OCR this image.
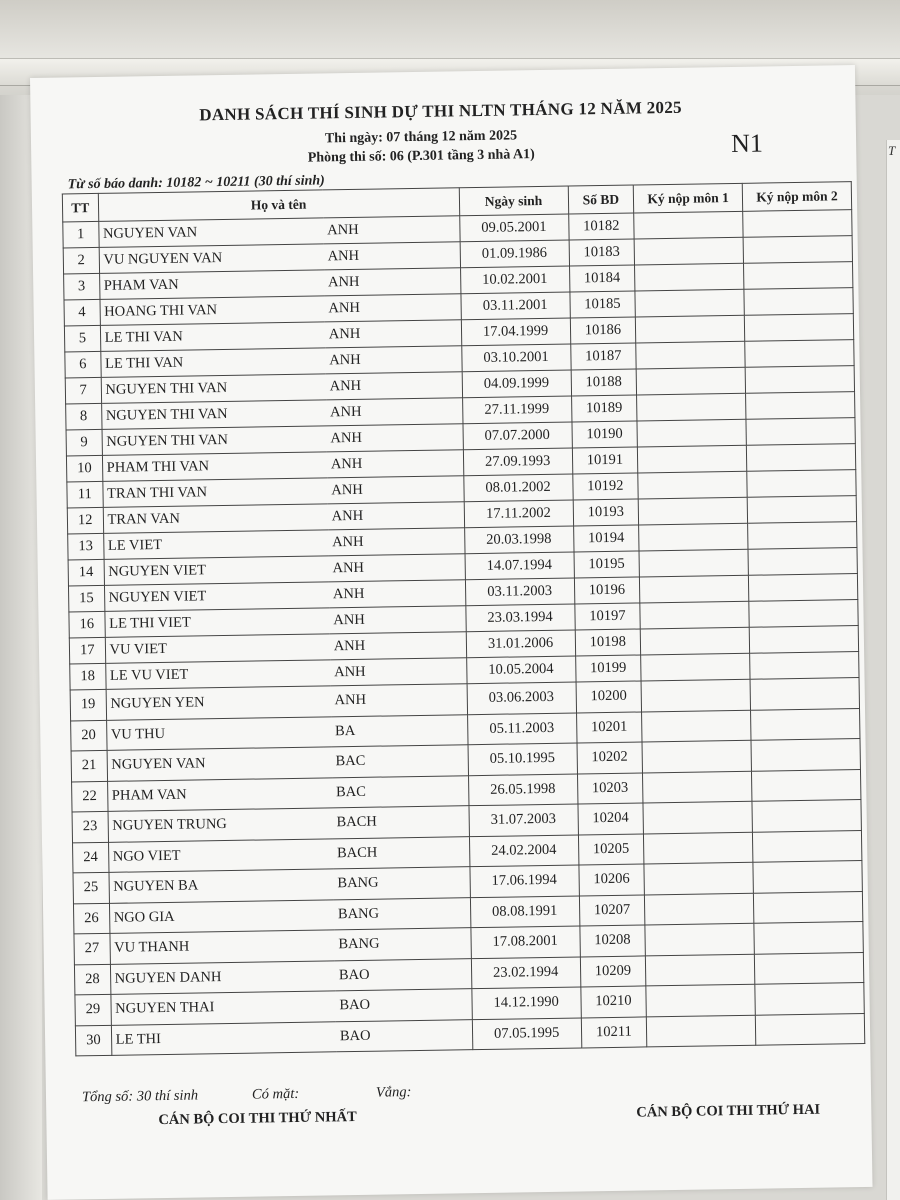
T
DANH SÁCH THÍ SINH DỰ THI NLTN THÁNG 12 NĂM 2025
Thi ngày: 07 tháng 12 năm 2025
Phòng thi số: 06 (P.301 tầng 3 nhà A1)	N1
Từ số báo danh: 10182 ~ 10211 (30 thí sinh)
TT	Họ và tên		Ngày sinh	Số BD	Ký nộp môn 1	Ký nộp môn 2
1	NGUYEN VAN	ANH	09.05.2001	10182		
2	VU NGUYEN VAN	ANH	01.09.1986	10183		
3	PHAM VAN	ANH	10.02.2001	10184		
4	HOANG THI VAN	ANH	03.11.2001	10185		
5	LE THI VAN	ANH	17.04.1999	10186		
6	LE THI VAN	ANH	03.10.2001	10187		
7	NGUYEN THI VAN	ANH	04.09.1999	10188		
8	NGUYEN THI VAN	ANH	27.11.1999	10189		
9	NGUYEN THI VAN	ANH	07.07.2000	10190		
10	PHAM THI VAN	ANH	27.09.1993	10191		
11	TRAN THI VAN	ANH	08.01.2002	10192		
12	TRAN VAN	ANH	17.11.2002	10193		
13	LE VIET	ANH	20.03.1998	10194		
14	NGUYEN VIET	ANH	14.07.1994	10195		
15	NGUYEN VIET	ANH	03.11.2003	10196		
16	LE THI VIET	ANH	23.03.1994	10197		
17	VU VIET	ANH	31.01.2006	10198		
18	LE VU VIET	ANH	10.05.2004	10199		
19	NGUYEN YEN	ANH	03.06.2003	10200		
20	VU THU	BA	05.11.2003	10201		
21	NGUYEN VAN	BAC	05.10.1995	10202		
22	PHAM VAN	BAC	26.05.1998	10203		
23	NGUYEN TRUNG	BACH	31.07.2003	10204		
24	NGO VIET	BACH	24.02.2004	10205		
25	NGUYEN BA	BANG	17.06.1994	10206		
26	NGO GIA	BANG	08.08.1991	10207		
27	VU THANH	BANG	17.08.2001	10208		
28	NGUYEN DANH	BAO	23.02.1994	10209		
29	NGUYEN THAI	BAO	14.12.1990	10210		
30	LE THI	BAO	07.05.1995	10211		
Tổng số: 30 thí sinh	Có mặt:	Vắng:
CÁN BỘ COI THI THỨ NHẤT	CÁN BỘ COI THI THỨ HAI
